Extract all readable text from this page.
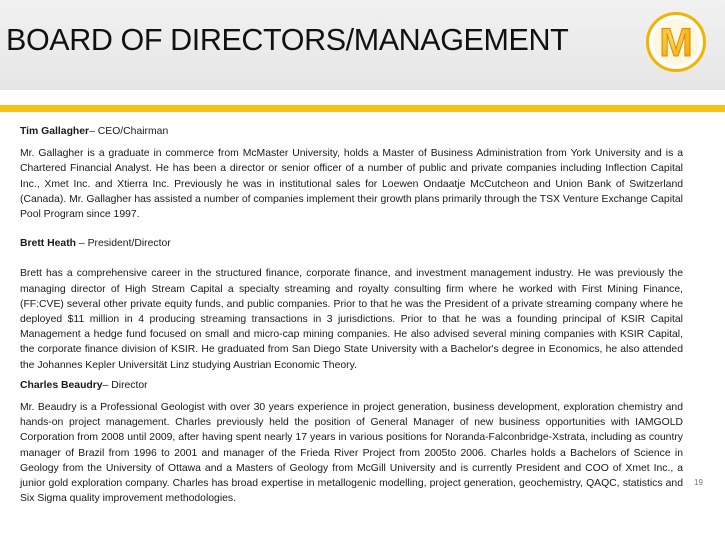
BOARD OF DIRECTORS/MANAGEMENT M

Tim Gallagher– CEO/Chairman

Mr. Gallagher is a graduate in commerce from McMaster University, holds a Master of Business Administration from York University and is a Chartered Financial Analyst. He has been a director or senior officer of a number of public and private companies including Inflection Capital Inc., Xmet Inc. and Xtierra Inc. Previously he was in institutional sales for Loewen Ondaatje McCutcheon and Union Bank of Switzerland (Canada). Mr. Gallagher has assisted a number of companies implement their growth plans primarily through the TSX Venture Exchange Capital Pool Program since 1997.

Brett Heath – President/Director

Brett has a comprehensive career in the structured finance, corporate finance, and investment management industry. He was previously the managing director of High Stream Capital a specialty streaming and royalty consulting firm where he worked with First Mining Finance, (FF:CVE) several other private equity funds, and public companies. Prior to that he was the President of a private streaming company where he deployed $11 million in 4 producing streaming transactions in 3 jurisdictions. Prior to that he was a founding principal of KSIR Capital Management a hedge fund focused on small and micro-cap mining companies. He also advised several mining companies with KSIR Capital, the corporate finance division of KSIR. He graduated from San Diego State University with a Bachelor's degree in Economics, he also attended the Johannes Kepler Universität Linz studying Austrian Economic Theory.

Charles Beaudry– Director

Mr. Beaudry is a Professional Geologist with over 30 years experience in project generation, business development, exploration chemistry and hands-on project management. Charles previously held the position of General Manager of new business opportunities with IAMGOLD Corporation from 2008 until 2009, after having spent nearly 17 years in various positions for Noranda-Falconbridge-Xstrata, including as country manager of Brazil from 1996 to 2001 and manager of the Frieda River Project from 2005to 2006. Charles holds a Bachelors of Science in Geology from the University of Ottawa and a Masters of Geology from McGill University and is currently President and COO of Xmet Inc., a junior gold exploration company. Charles has broad expertise in metallogenic modelling, project generation, geochemistry, QAQC, statistics and Six Sigma quality improvement methodologies.

19
